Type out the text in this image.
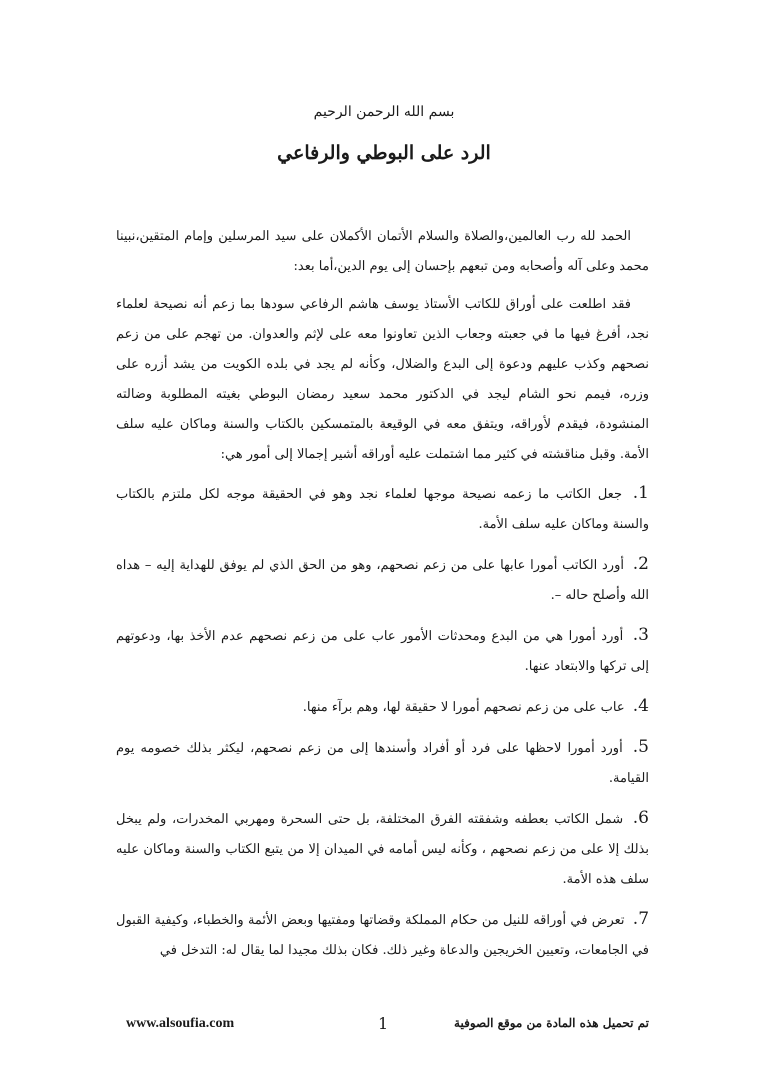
بسم الله الرحمن الرحيم
الرد على البوطي والرفاعي

الحمد لله رب العالمين،والصلاة والسلام الأتمان الأكملان على سيد المرسلين وإمام المتقين،نبينا محمد وعلى آله وأصحابه ومن تبعهم بإحسان إلى يوم الدين،أما بعد:

فقد اطلعت على أوراق للكاتب الأستاذ يوسف هاشم الرفاعي سودها بما زعم أنه نصيحة لعلماء نجد، أفرغ فيها ما في جعبته وجعاب الذين تعاونوا معه على لإثم والعدوان. من تهجم على من زعم نصحهم وكذب عليهم ودعوة إلى البدع والضلال، وكأنه لم يجد في بلده الكويت من يشد أزره على وزره، فيمم نحو الشام ليجد في الدكتور محمد سعيد رمضان البوطي بغيته المطلوبة وضالته المنشودة، فيقدم لأوراقه، ويتفق معه في الوقيعة بالمتمسكين بالكتاب والسنة وماكان عليه سلف الأمة. وقبل مناقشته في كثير مما اشتملت عليه أوراقه أشير إجمالا إلى أمور هي:

1. جعل الكاتب ما زعمه نصيحة موجها لعلماء نجد وهو في الحقيقة موجه لكل ملتزم بالكتاب والسنة وماكان عليه سلف الأمة.

2. أورد الكاتب أمورا عابها على من زعم نصحهم، وهو من الحق الذي لم يوفق للهداية إليه – هداه الله وأصلح حاله –.

3. أورد أمورا هي من البدع ومحدثات الأمور عاب على من زعم نصحهم عدم الأخذ بها، ودعوتهم إلى تركها والابتعاد عنها.

4. عاب على من زعم نصحهم أمورا لا حقيقة لها، وهم برآء منها.

5. أورد أمورا لاحظها على فرد أو أفراد وأسندها إلى من زعم نصحهم، ليكثر بذلك خصومه يوم القيامة.

6. شمل الكاتب بعطفه وشفقته الفرق المختلفة، بل حتى السحرة ومهربي المخدرات، ولم يبخل بذلك إلا على من زعم نصحهم ، وكأنه ليس أمامه في الميدان إلا من يتبع الكتاب والسنة وماكان عليه سلف هذه الأمة.

7. تعرض في أوراقه للنيل من حكام المملكة وقضاتها ومفتيها وبعض الأئمة والخطباء، وكيفية القبول في الجامعات، وتعيين الخريجين والدعاة وغير ذلك. فكان بذلك مجيدا لما يقال له: التدخل في

تم تحميل هذه المادة من موقع الصوفية
1
www.alsoufia.com
